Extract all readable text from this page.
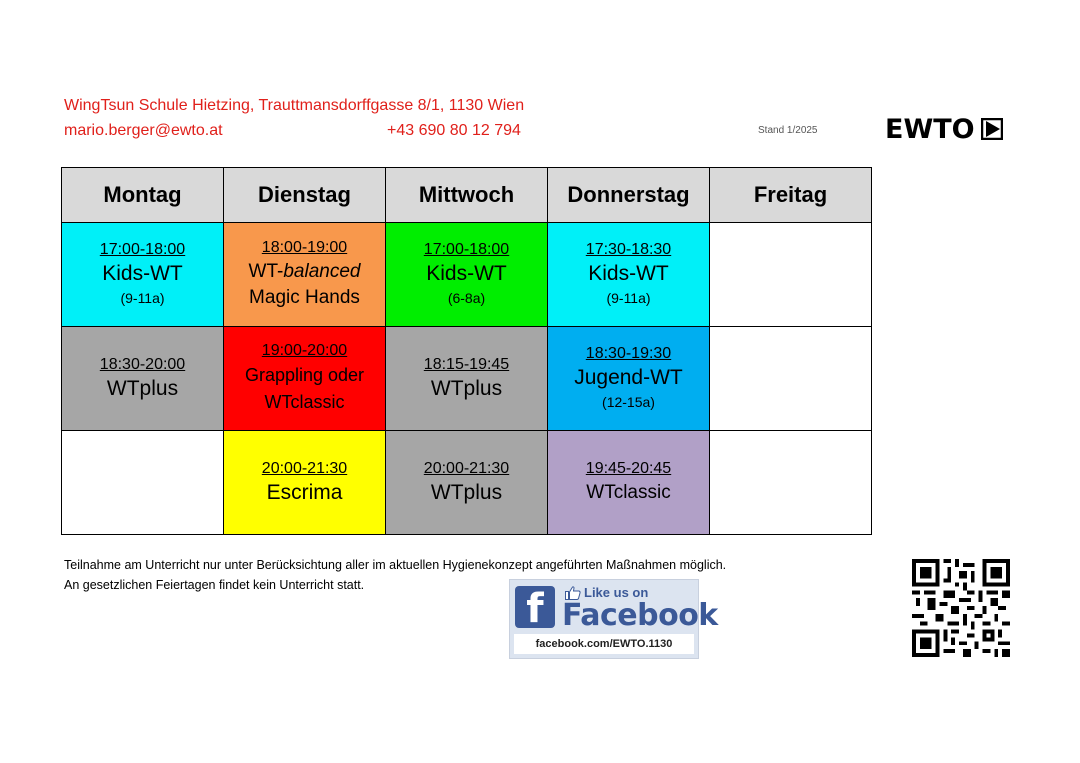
WingTsun Schule Hietzing, Trauttmansdorffgasse 8/1, 1130 Wien
mario.berger@ewto.at	+43 690 80 12 794	Stand 1/2025	EWTO
Montag	Dienstag	Mittwoch	Donnerstag	Freitag

17:00-18:00
Kids-WT
(9-11a)	18:00-19:00
WT-balanced
Magic Hands	17:00-18:00
Kids-WT
(6-8a)	17:30-18:30
Kids-WT
(9-11a)	

18:30-20:00
WTplus	19:00-20:00
Grappling oder
WTclassic	18:15-19:45
WTplus	18:30-19:30
Jugend-WT
(12-15a)	

	20:00-21:30
Escrima	20:00-21:30
WTplus	19:45-20:45
WTclassic	

Teilnahme am Unterricht nur unter Berücksichtung aller im aktuellen Hygienekonzept angeführten Maßnahmen möglich.
An gesetzlichen Feiertagen findet kein Unterricht statt.
f	Like us on
Facebook
facebook.com/EWTO.1130
